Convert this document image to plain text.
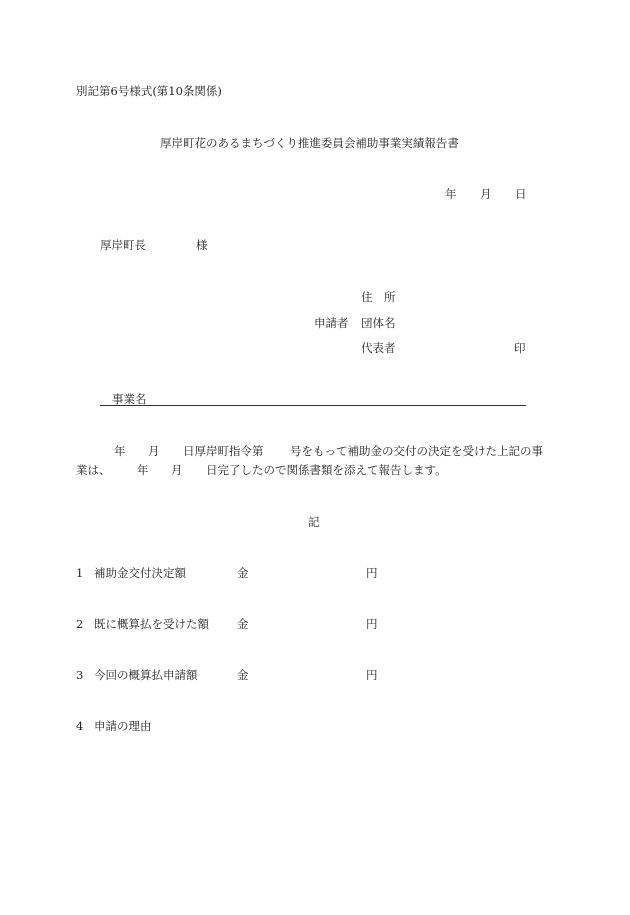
別記第6号様式(第10条関係)
厚岸町花のあるまちづくり推進委員会補助事業実績報告書
年 月 日
厚岸町長	様
住　所
申請者 団体名
代表者	印
事業名
年 月 日厚岸町指令第 号をもって補助金の交付の決定を受けた上記の事
業は、 年 月 日完了したので関係書類を添えて報告します。
記
1 補助金交付決定額	金	円
2 既に概算払を受けた額 金	円
3 今回の概算払申請額	金	円
4 申請の理由
